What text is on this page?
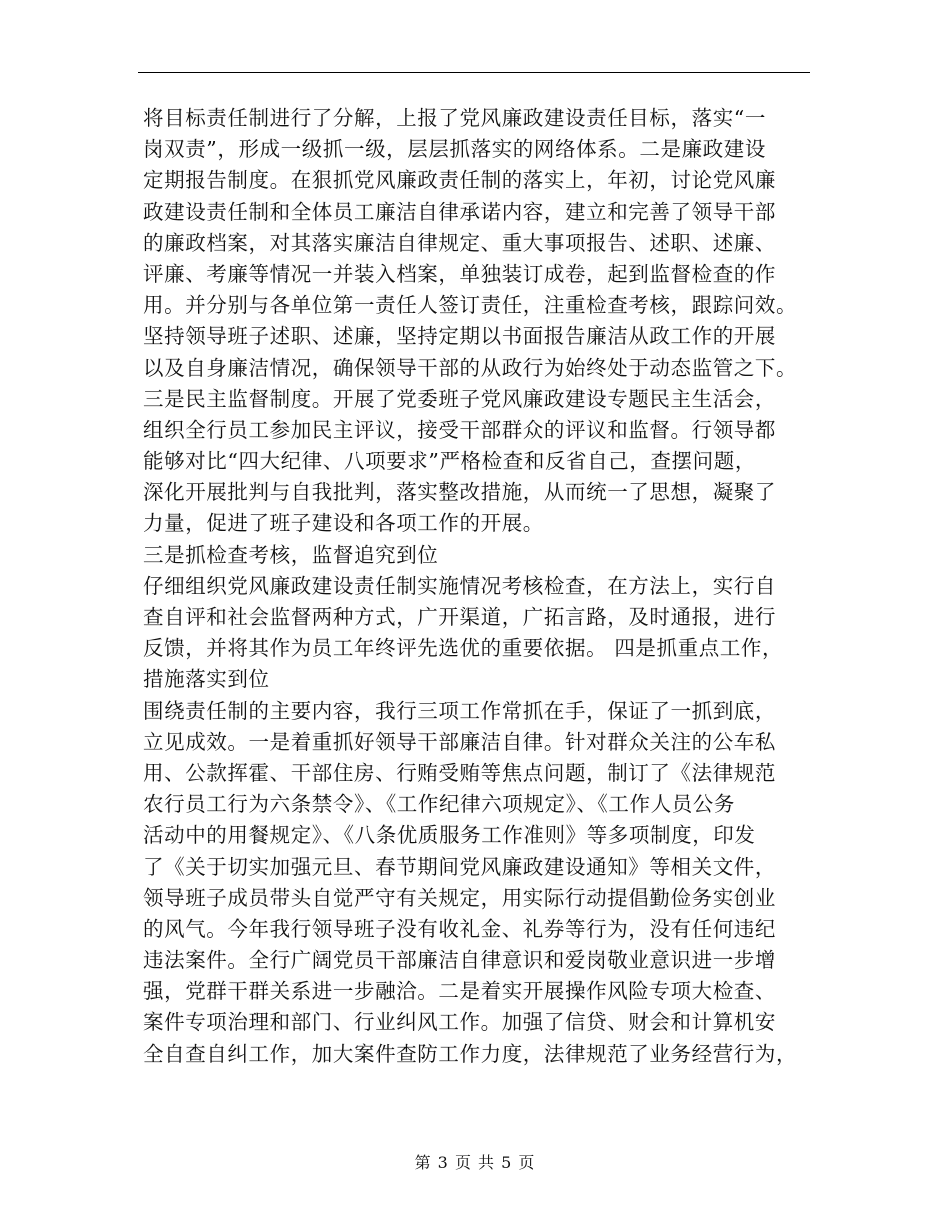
将目标责任制进行了分解，上报了党风廉政建设责任目标，落实“一
岗双责”，形成一级抓一级，层层抓落实的网络体系。二是廉政建设
定期报告制度。在狠抓党风廉政责任制的落实上，年初，讨论党风廉
政建设责任制和全体员工廉洁自律承诺内容，建立和完善了领导干部
的廉政档案，对其落实廉洁自律规定、重大事项报告、述职、述廉、
评廉、考廉等情况一并装入档案，单独装订成卷，起到监督检查的作
用。并分别与各单位第一责任人签订责任，注重检查考核，跟踪问效。
坚持领导班子述职、述廉，坚持定期以书面报告廉洁从政工作的开展
以及自身廉洁情况，确保领导干部的从政行为始终处于动态监管之下。
三是民主监督制度。开展了党委班子党风廉政建设专题民主生活会，
组织全行员工参加民主评议，接受干部群众的评议和监督。行领导都
能够对比“四大纪律、八项要求”严格检查和反省自己，查摆问题，
深化开展批判与自我批判，落实整改措施，从而统一了思想，凝聚了
力量，促进了班子建设和各项工作的开展。
三是抓检查考核，监督追究到位
仔细组织党风廉政建设责任制实施情况考核检查，在方法上，实行自
查自评和社会监督两种方式，广开渠道，广拓言路，及时通报，进行
反馈，并将其作为员工年终评先选优的重要依据。 四是抓重点工作，
措施落实到位
围绕责任制的主要内容，我行三项工作常抓在手，保证了一抓到底，
立见成效。一是着重抓好领导干部廉洁自律。针对群众关注的公车私
用、公款挥霍、干部住房、行贿受贿等焦点问题，制订了《法律规范
农行员工行为六条禁令》、《工作纪律六项规定》、《工作人员公务
活动中的用餐规定》、《八条优质服务工作准则》等多项制度，印发
了《关于切实加强元旦、春节期间党风廉政建设通知》等相关文件，
领导班子成员带头自觉严守有关规定，用实际行动提倡勤俭务实创业
的风气。今年我行领导班子没有收礼金、礼券等行为，没有任何违纪
违法案件。全行广阔党员干部廉洁自律意识和爱岗敬业意识进一步增
强，党群干群关系进一步融洽。二是着实开展操作风险专项大检查、
案件专项治理和部门、行业纠风工作。加强了信贷、财会和计算机安
全自查自纠工作，加大案件查防工作力度，法律规范了业务经营行为，
第 3 页 共 5 页
